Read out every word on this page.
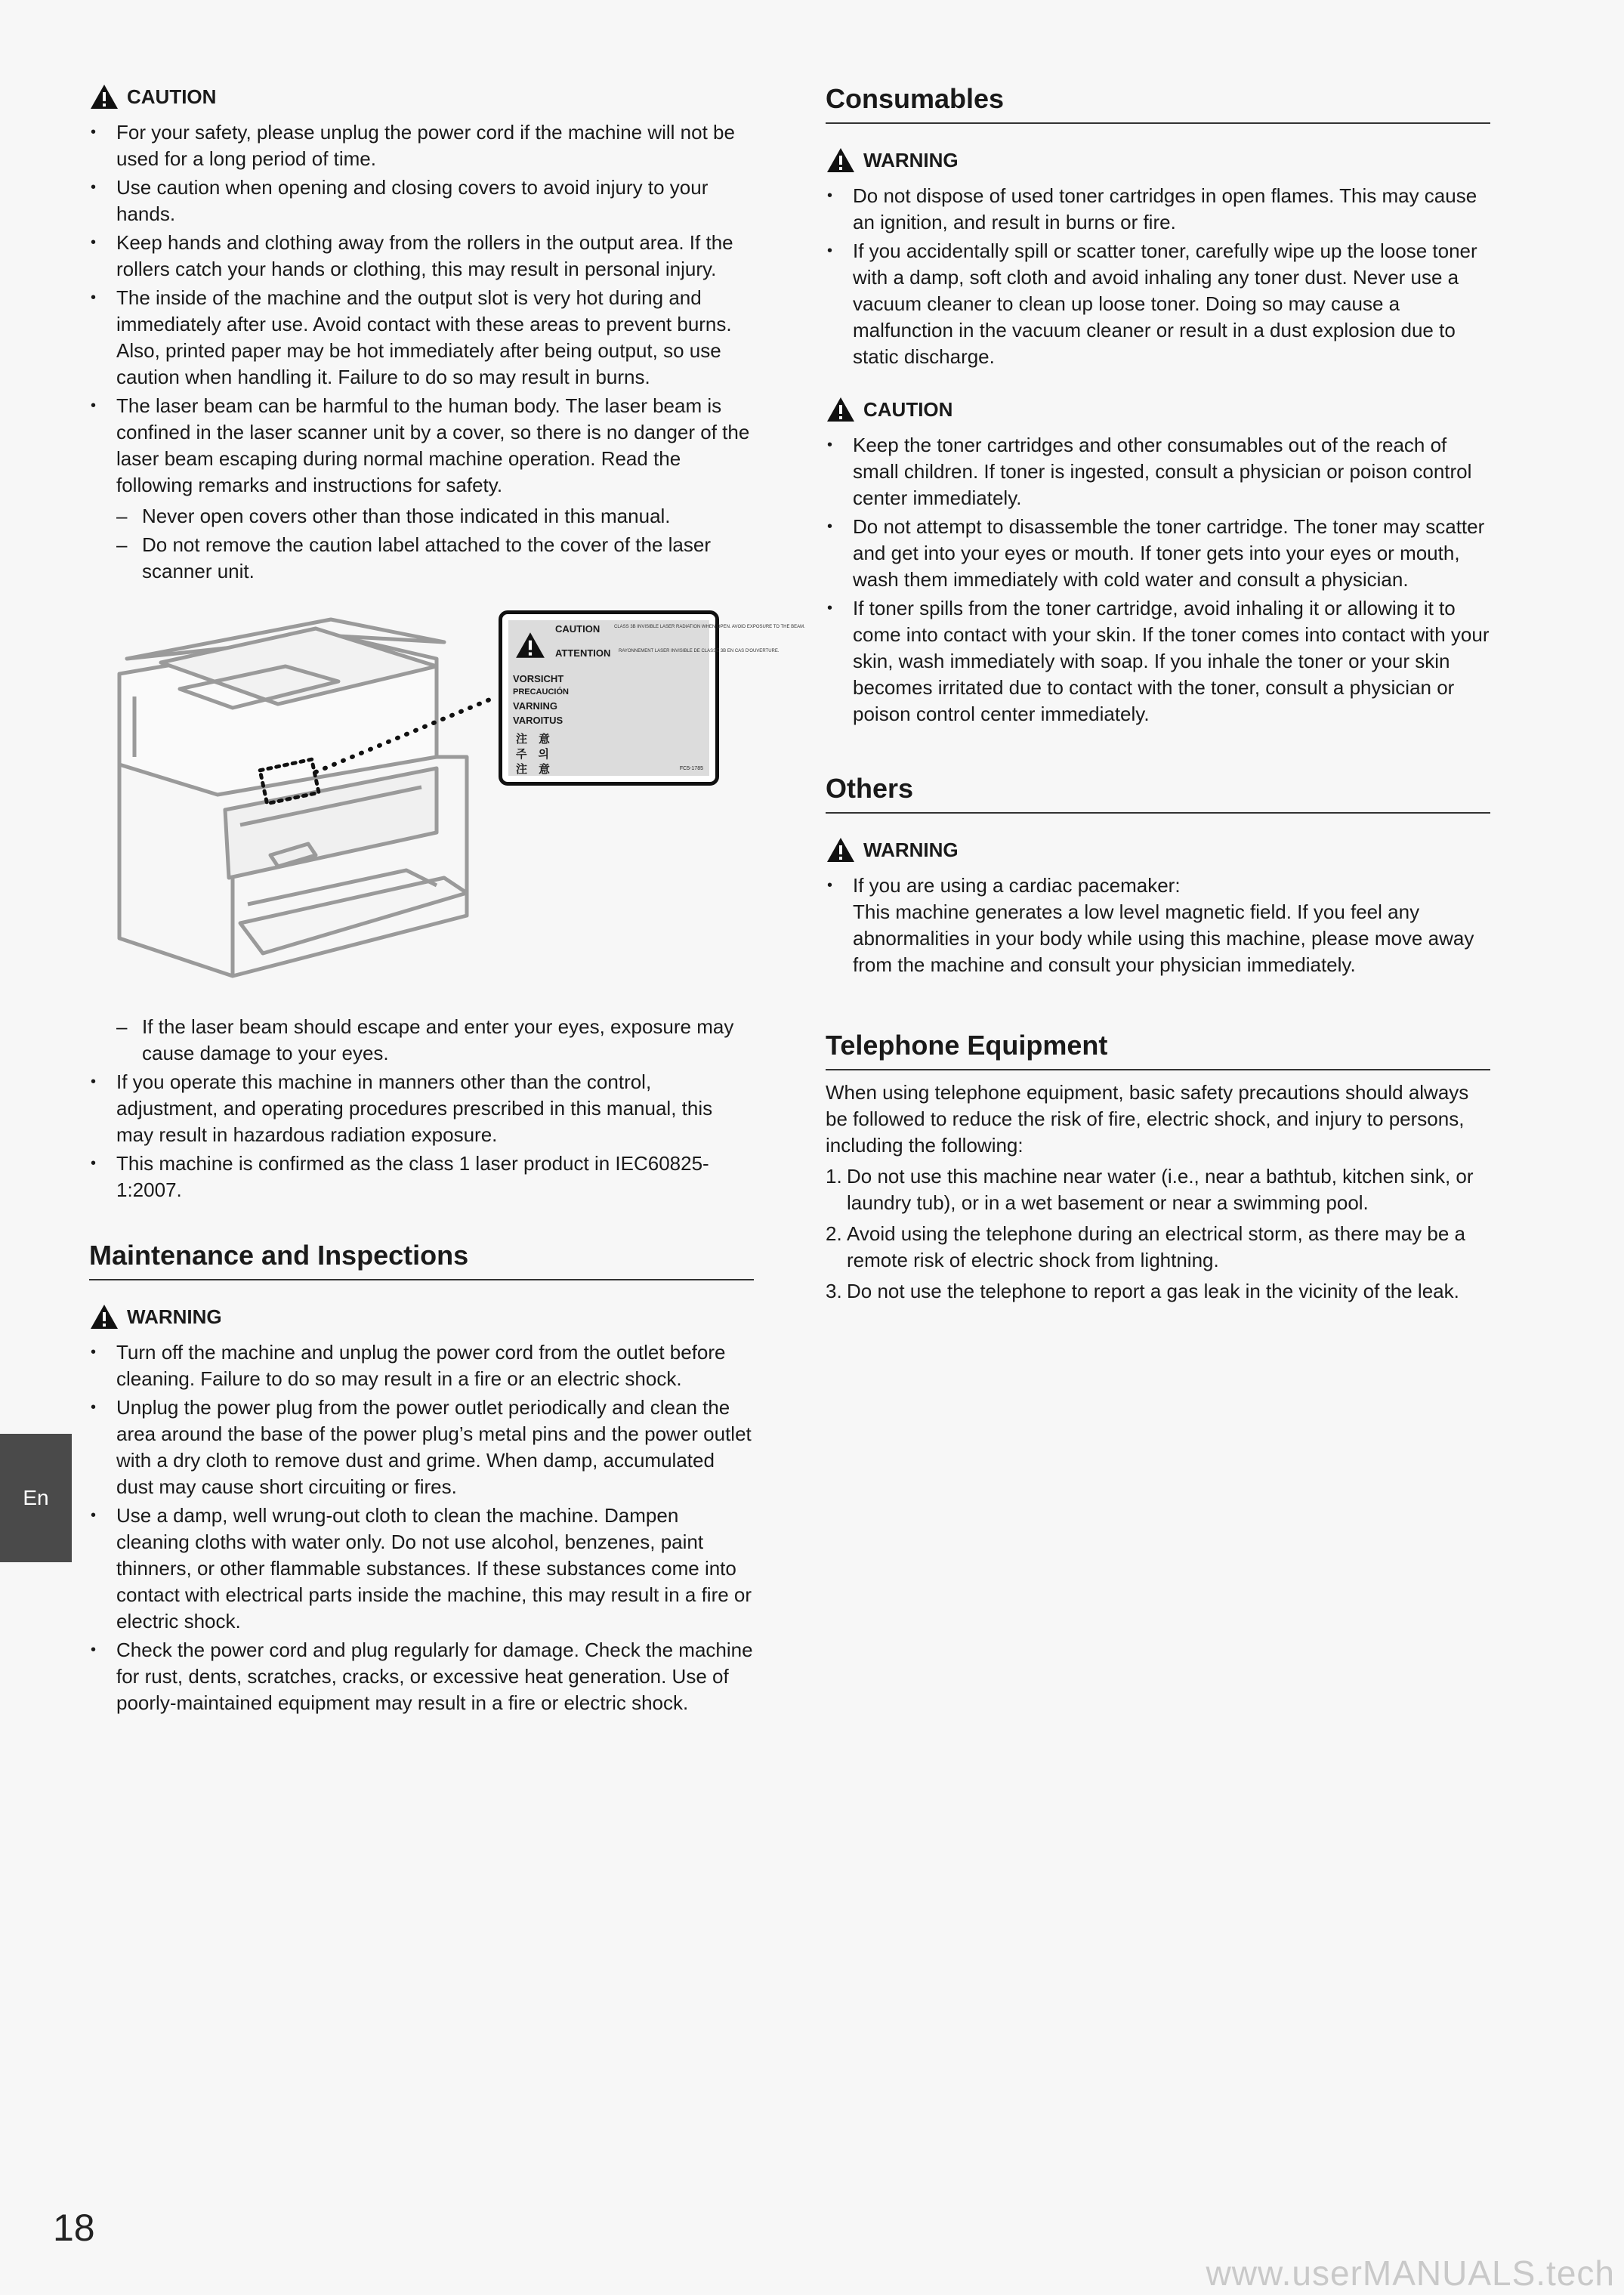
CAUTION
• For your safety, please unplug the power cord if the machine will not be used for a long period of time.
• Use caution when opening and closing covers to avoid injury to your hands.
• Keep hands and clothing away from the rollers in the output area. If the rollers catch your hands or clothing, this may result in personal injury.
• The inside of the machine and the output slot is very hot during and immediately after use. Avoid contact with these areas to prevent burns. Also, printed paper may be hot immediately after being output, so use caution when handling it. Failure to do so may result in burns.
• The laser beam can be harmful to the human body. The laser beam is confined in the laser scanner unit by a cover, so there is no danger of the laser beam escaping during normal machine operation. Read the following remarks and instructions for safety.
– Never open covers other than those indicated in this manual.
– Do not remove the caution label attached to the cover of the laser scanner unit.
CAUTION	CLASS 3B INVISIBLE LASER RADIATION WHEN OPEN. AVOID EXPOSURE TO THE BEAM.
ATTENTION RAYONNEMENT LASER INVISIBLE DE CLASSE 3B EN CAS D'OUVERTURE.
VORSICHT
PRECAUCIÓN
VARNING
VAROITUS
注　意
주　의
注　意	FC5-1785
– If the laser beam should escape and enter your eyes, exposure may cause damage to your eyes.
• If you operate this machine in manners other than the control, adjustment, and operating procedures prescribed in this manual, this may result in hazardous radiation exposure.
• This machine is confirmed as the class 1 laser product in IEC60825-1:2007.
Maintenance and Inspections
WARNING
• Turn off the machine and unplug the power cord from the outlet before cleaning. Failure to do so may result in a fire or an electric shock.
• Unplug the power plug from the power outlet periodically and clean the area around the base of the power plug’s metal pins and the power outlet with a dry cloth to remove dust and grime. When damp, accumulated dust may cause short circuiting or fires.
• Use a damp, well wrung-out cloth to clean the machine. Dampen cleaning cloths with water only. Do not use alcohol, benzenes, paint thinners, or other flammable substances. If these substances come into contact with electrical parts inside the machine, this may result in a fire or electric shock.
• Check the power cord and plug regularly for damage. Check the machine for rust, dents, scratches, cracks, or excessive heat generation. Use of poorly-maintained equipment may result in a fire or electric shock.
Consumables
WARNING
• Do not dispose of used toner cartridges in open flames. This may cause an ignition, and result in burns or fire.
• If you accidentally spill or scatter toner, carefully wipe up the loose toner with a damp, soft cloth and avoid inhaling any toner dust. Never use a vacuum cleaner to clean up loose toner. Doing so may cause a malfunction in the vacuum cleaner or result in a dust explosion due to static discharge.
CAUTION
• Keep the toner cartridges and other consumables out of the reach of small children. If toner is ingested, consult a physician or poison control center immediately.
• Do not attempt to disassemble the toner cartridge. The toner may scatter and get into your eyes or mouth. If toner gets into your eyes or mouth, wash them immediately with cold water and consult a physician.
• If toner spills from the toner cartridge, avoid inhaling it or allowing it to come into contact with your skin. If the toner comes into contact with your skin, wash immediately with soap. If you inhale the toner or your skin becomes irritated due to contact with the toner, consult a physician or poison control center immediately.
Others
WARNING
• If you are using a cardiac pacemaker:
This machine generates a low level magnetic field. If you feel any abnormalities in your body while using this machine, please move away from the machine and consult your physician immediately.
Telephone Equipment

When using telephone equipment, basic safety precautions should always be followed to reduce the risk of fire, electric shock, and injury to persons, including the following:

1. Do not use this machine near water (i.e., near a bathtub, kitchen sink, or laundry tub), or in a wet basement or near a swimming pool.
2. Avoid using the telephone during an electrical storm, as there may be a remote risk of electric shock from lightning.
3. Do not use the telephone to report a gas leak in the vicinity of the leak.
En
18
www.userMANUALS.tech
